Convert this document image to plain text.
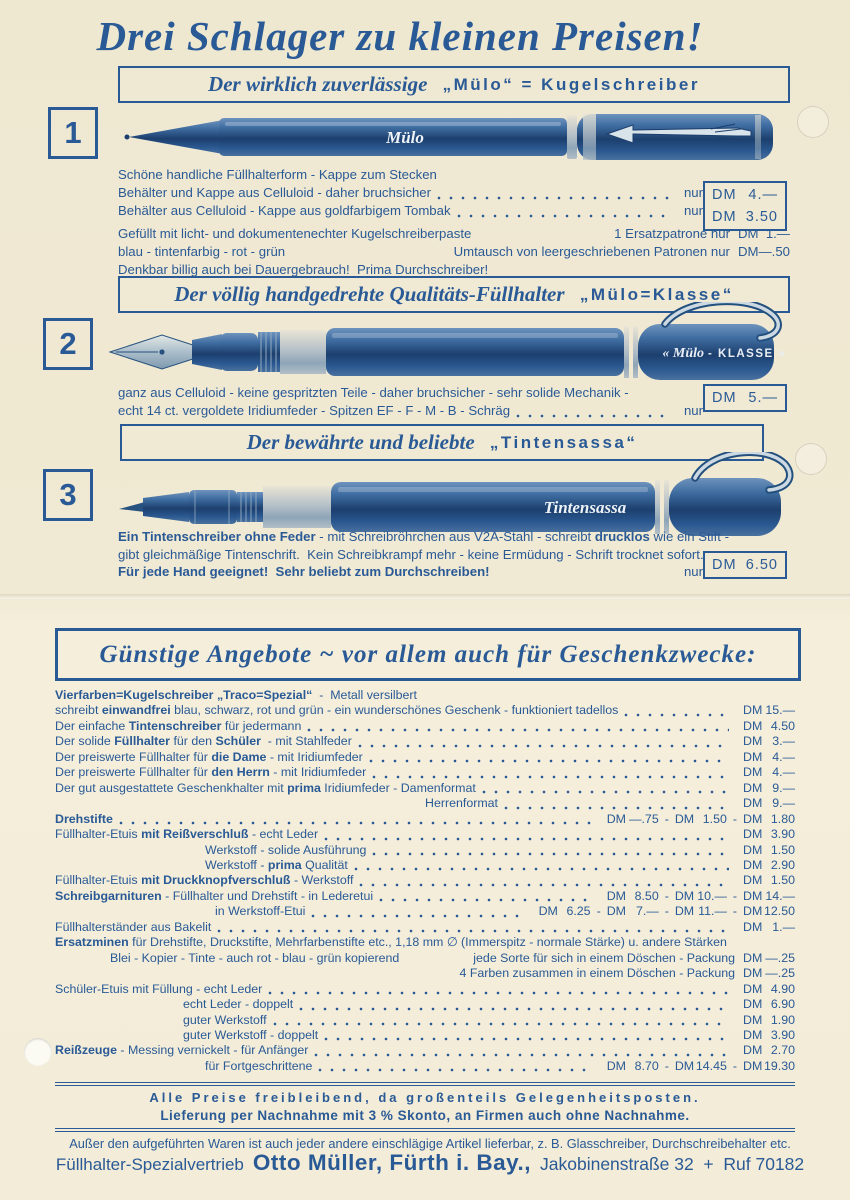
Drei Schlager zu kleinen Preisen!
Der wirklich zuverlässige „Mülo“ = Kugelschreiber
1	Mülo
Schöne handliche Füllhalterform - Kappe zum Stecken
Behälter und Kappe aus Celluloid - daher bruchsicher	nur
Behälter aus Celluloid - Kappe aus goldfarbigem Tombak	nur
Gefüllt mit licht- und dokumentenechter Kugelschreiberpaste	1 Ersatzpatrone nur DM 1.—
blau - tintenfarbig - rot - grün	Umtausch von leergeschriebenen Patronen nur DM —.50
Denkbar billig auch bei Dauergebrauch!  Prima Durchschreiber!
DM 4.—
DM 3.50
Der völlig handgedrehte Qualitäts-Füllhalter „Mülo=Klasse“
2	« Mülo - KLASSE »
ganz aus Celluloid - keine gespritzten Teile - daher bruchsicher - sehr solide Mechanik -
echt 14 ct. vergoldete Iridiumfeder - Spitzen EF - F - M - B - Schräg	nur
DM 5.—
Der bewährte und beliebte „Tintensassa“
3	Tintensassa
Ein Tintenschreiber ohne Feder - mit Schreibröhrchen aus V2A-Stahl - schreibt drucklos wie ein Stift -
gibt gleichmäßige Tintenschrift.  Kein Schreibkrampf mehr - keine Ermüdung - Schrift trocknet sofort.
Für jede Hand geeignet!  Sehr beliebt zum Durchschreiben!	nur DM 6.50
Günstige Angebote ~ vor allem auch für Geschenkzwecke:
Vierfarben=Kugelschreiber „Traco=Spezial“  -  Metall versilbert
schreibt einwandfrei blau, schwarz, rot und grün - ein wunderschönes Geschenk - funktioniert tadellos	DM 15.—
Der einfache Tintenschreiber für jedermann	DM 4.50
Der solide Füllhalter für den Schüler  - mit Stahlfeder	DM 3.—
Der preiswerte Füllhalter für die Dame - mit Iridiumfeder	DM 4.—
Der preiswerte Füllhalter für den Herrn - mit Iridiumfeder	DM 4.—
Der gut ausgestattete Geschenkhalter mit prima Iridiumfeder - Damenformat	DM 9.—
Herrenformat	DM 9.—
Drehstifte	DM —.75 - DM 1.50 - DM 1.80
Füllhalter-Etuis mit Reißverschluß - echt Leder	DM 3.90
Werkstoff - solide Ausführung	DM 1.50
Werkstoff - prima Qualität	DM 2.90
Füllhalter-Etuis mit Druckknopfverschluß - Werkstoff	DM 1.50
Schreibgarnituren - Füllhalter und Drehstift - in Lederetui	DM 8.50 - DM 10.— - DM 14.—
in Werkstoff-Etui	DM 6.25 - DM 7.— - DM 11.— - DM 12.50
Füllhalterständer aus Bakelit	DM 1.—
Ersatzminen für Drehstifte, Druckstifte, Mehrfarbenstifte etc., 1,18 mm ∅ (Immerspitz - normale Stärke) u. andere Stärken
Blei - Kopier - Tinte - auch rot - blau - grün kopierend	jede Sorte für sich in einem Döschen - Packung DM —.25
4 Farben zusammen in einem Döschen - Packung DM —.25
Schüler-Etuis mit Füllung - echt Leder	DM 4.90
echt Leder - doppelt	DM 6.90
guter Werkstoff	DM 1.90
guter Werkstoff - doppelt	DM 3.90
Reißzeuge - Messing vernickelt - für Anfänger	DM 2.70
für Fortgeschrittene	DM 8.70 - DM 14.45 - DM 19.30
Alle Preise freibleibend, da großenteils Gelegenheitsposten.
Lieferung per Nachnahme mit 3 % Skonto, an Firmen auch ohne Nachnahme.
Außer den aufgeführten Waren ist auch jeder andere einschlägige Artikel lieferbar, z. B. Glasschreiber, Durchschreibehalter etc.
Füllhalter-Spezialvertrieb Otto Müller, Fürth i. Bay., Jakobinenstraße 32  +  Ruf 70182
